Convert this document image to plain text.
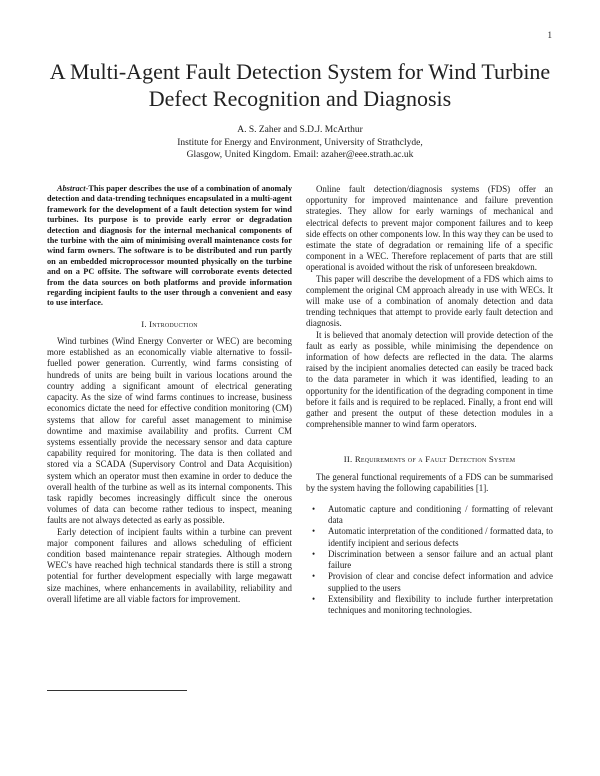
1
A Multi-Agent Fault Detection System for Wind Turbine Defect Recognition and Diagnosis
A. S. Zaher and S.D.J. McArthur
Institute for Energy and Environment, University of Strathclyde,
Glasgow, United Kingdom. Email: azaher@eee.strath.ac.uk

Abstract-This paper describes the use of a combination of anomaly detection and data-trending techniques encapsulated in a multi-agent framework for the development of a fault detection system for wind turbines. Its purpose is to provide early error or degradation detection and diagnosis for the internal mechanical components of the turbine with the aim of minimising overall maintenance costs for wind farm owners. The software is to be distributed and run partly on an embedded microprocessor mounted physically on the turbine and on a PC offsite. The software will corroborate events detected from the data sources on both platforms and provide information regarding incipient faults to the user through a convenient and easy to use interface.

I. Introduction

Wind turbines (Wind Energy Converter or WEC) are becoming more established as an economically viable alternative to fossil-fuelled power generation. Currently, wind farms consisting of hundreds of units are being built in various locations around the country adding a significant amount of electrical generating capacity. As the size of wind farms continues to increase, business economics dictate the need for effective condition monitoring (CM) systems that allow for careful asset management to minimise downtime and maximise availability and profits. Current CM systems essentially provide the necessary sensor and data capture capability required for monitoring. The data is then collated and stored via a SCADA (Supervisory Control and Data Acquisition) system which an operator must then examine in order to deduce the overall health of the turbine as well as its internal components. This task rapidly becomes increasingly difficult since the onerous volumes of data can become rather tedious to inspect, meaning faults are not always detected as early as possible.

Early detection of incipient faults within a turbine can prevent major component failures and allows scheduling of efficient condition based maintenance repair strategies. Although modern WEC's have reached high technical standards there is still a strong potential for further development especially with large megawatt size machines, where enhancements in availability, reliability and overall lifetime are all viable factors for improvement.

Online fault detection/diagnosis systems (FDS) offer an opportunity for improved maintenance and failure prevention strategies. They allow for early warnings of mechanical and electrical defects to prevent major component failures and to keep side effects on other components low. In this way they can be used to estimate the state of degradation or remaining life of a specific component in a WEC. Therefore replacement of parts that are still operational is avoided without the risk of unforeseen breakdown.

This paper will describe the development of a FDS which aims to complement the original CM approach already in use with WECs. It will make use of a combination of anomaly detection and data trending techniques that attempt to provide early fault detection and diagnosis.

It is believed that anomaly detection will provide detection of the fault as early as possible, while minimising the dependence on information of how defects are reflected in the data. The alarms raised by the incipient anomalies detected can easily be traced back to the data parameter in which it was identified, leading to an opportunity for the identification of the degrading component in time before it fails and is required to be replaced. Finally, a front end will gather and present the output of these detection modules in a comprehensible manner to wind farm operators.

II. Requirements of a Fault Detection System

The general functional requirements of a FDS can be summarised by the system having the following capabilities [1].

• Automatic capture and conditioning / formatting of relevant data
• Automatic interpretation of the conditioned / formatted data, to identify incipient and serious defects
• Discrimination between a sensor failure and an actual plant failure
• Provision of clear and concise defect information and advice supplied to the users
• Extensibility and flexibility to include further interpretation techniques and monitoring technologies.
